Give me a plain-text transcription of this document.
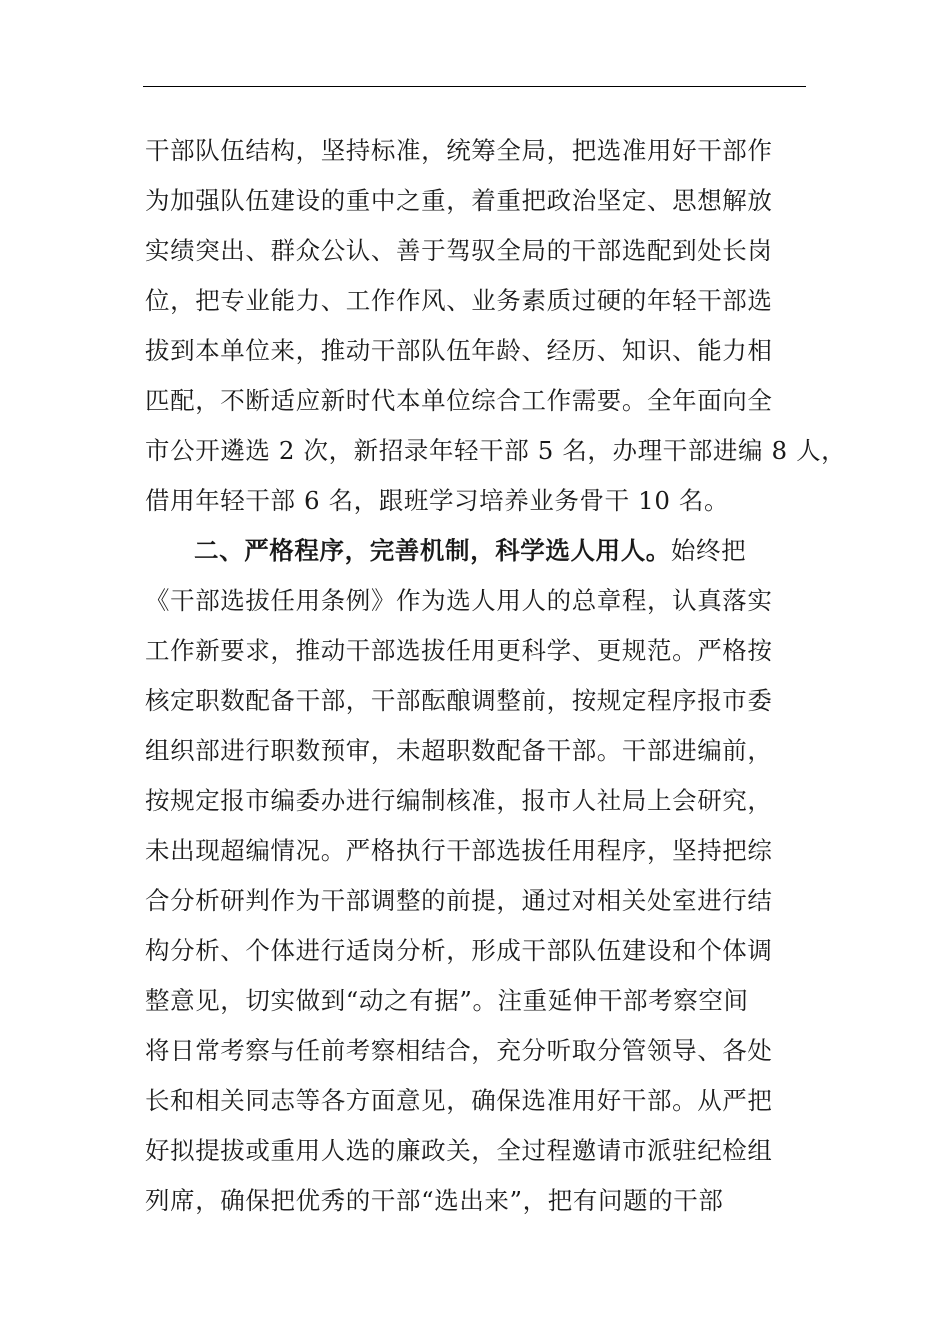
干部队伍结构，坚持标准，统筹全局，把选准用好干部作
为加强队伍建设的重中之重，着重把政治坚定、思想解放
实绩突出、群众公认、善于驾驭全局的干部选配到处长岗
位，把专业能力、工作作风、业务素质过硬的年轻干部选
拔到本单位来，推动干部队伍年龄、经历、知识、能力相
匹配，不断适应新时代本单位综合工作需要。全年面向全
市公开遴选 2 次，新招录年轻干部 5 名，办理干部进编 8 人，
借用年轻干部 6 名，跟班学习培养业务骨干 10 名。
二、严格程序，完善机制，科学选人用人。始终把
《干部选拔任用条例》作为选人用人的总章程，认真落实
工作新要求，推动干部选拔任用更科学、更规范。严格按
核定职数配备干部，干部酝酿调整前，按规定程序报市委
组织部进行职数预审，未超职数配备干部。干部进编前，
按规定报市编委办进行编制核准，报市人社局上会研究，
未出现超编情况。严格执行干部选拔任用程序，坚持把综
合分析研判作为干部调整的前提，通过对相关处室进行结
构分析、个体进行适岗分析，形成干部队伍建设和个体调
整意见，切实做到“动之有据”。注重延伸干部考察空间
将日常考察与任前考察相结合，充分听取分管领导、各处
长和相关同志等各方面意见，确保选准用好干部。从严把
好拟提拔或重用人选的廉政关，全过程邀请市派驻纪检组
列席，确保把优秀的干部“选出来”，把有问题的干部
